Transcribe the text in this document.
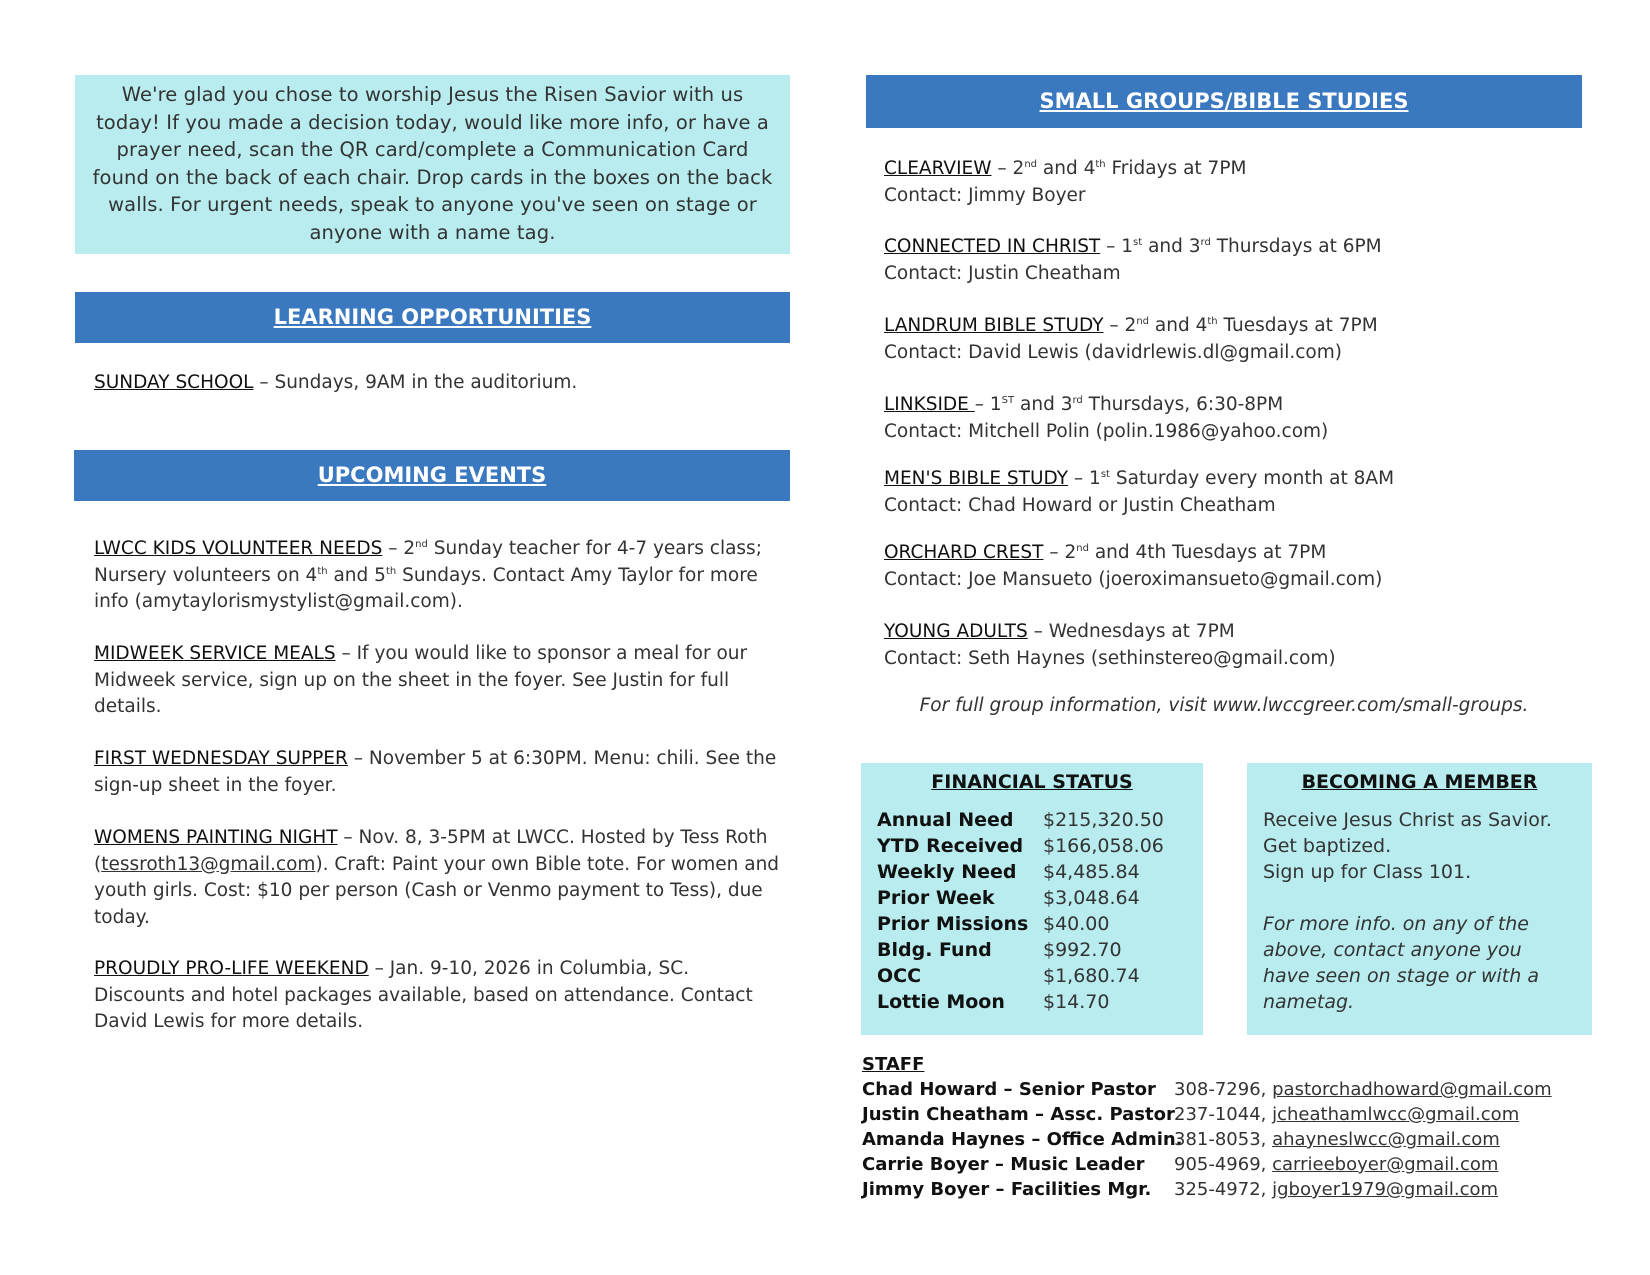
We're glad you chose to worship Jesus the Risen Savior with us today! If you made a decision today, would like more info, or have a prayer need, scan the QR card/complete a Communication Card found on the back of each chair. Drop cards in the boxes on the back walls. For urgent needs, speak to anyone you've seen on stage or anyone with a name tag.
LEARNING OPPORTUNITIES
SUNDAY SCHOOL – Sundays, 9AM in the auditorium.
UPCOMING EVENTS
LWCC KIDS VOLUNTEER NEEDS – 2nd Sunday teacher for 4-7 years class; Nursery volunteers on 4th and 5th Sundays. Contact Amy Taylor for more info (amytaylorismystylist@gmail.com).
MIDWEEK SERVICE MEALS – If you would like to sponsor a meal for our Midweek service, sign up on the sheet in the foyer. See Justin for full details.
FIRST WEDNESDAY SUPPER – November 5 at 6:30PM. Menu: chili. See the sign-up sheet in the foyer.
WOMENS PAINTING NIGHT – Nov. 8, 3-5PM at LWCC. Hosted by Tess Roth (tessroth13@gmail.com). Craft: Paint your own Bible tote. For women and youth girls. Cost: $10 per person (Cash or Venmo payment to Tess), due today.
PROUDLY PRO-LIFE WEEKEND – Jan. 9-10, 2026 in Columbia, SC. Discounts and hotel packages available, based on attendance. Contact David Lewis for more details.
SMALL GROUPS/BIBLE STUDIES
CLEARVIEW – 2nd and 4th Fridays at 7PM
Contact: Jimmy Boyer
CONNECTED IN CHRIST – 1st and 3rd Thursdays at 6PM
Contact: Justin Cheatham
LANDRUM BIBLE STUDY – 2nd and 4th Tuesdays at 7PM
Contact: David Lewis (davidrlewis.dl@gmail.com)
LINKSIDE – 1ST and 3rd Thursdays, 6:30-8PM
Contact: Mitchell Polin (polin.1986@yahoo.com)
MEN'S BIBLE STUDY – 1st Saturday every month at 8AM
Contact: Chad Howard or Justin Cheatham
ORCHARD CREST – 2nd and 4th Tuesdays at 7PM
Contact: Joe Mansueto (joeroximansueto@gmail.com)
YOUNG ADULTS – Wednesdays at 7PM
Contact: Seth Haynes (sethinstereo@gmail.com)
For full group information, visit www.lwccgreer.com/small-groups.
FINANCIAL STATUS
Annual Need	$215,320.50
YTD Received	$166,058.06
Weekly Need	$4,485.84
Prior Week	$3,048.64
Prior Missions $40.00
Bldg. Fund	$992.70
OCC	$1,680.74
Lottie Moon	$14.70
BECOMING A MEMBER
Receive Jesus Christ as Savior.
Get baptized.
Sign up for Class 101.
For more info. on any of the above, contact anyone you have seen on stage or with a nametag.
STAFF
Chad Howard – Senior Pastor	308-7296, pastorchadhoward@gmail.com
Justin Cheatham – Assc. Pastor 237-1044, jcheathamlwcc@gmail.com
Amanda Haynes – Office Admin.
381-8053, ahayneslwcc@gmail.com
Carrie Boyer – Music Leader	905-4969, carrieeboyer@gmail.com
Jimmy Boyer – Facilities Mgr.	325-4972, jgboyer1979@gmail.com
